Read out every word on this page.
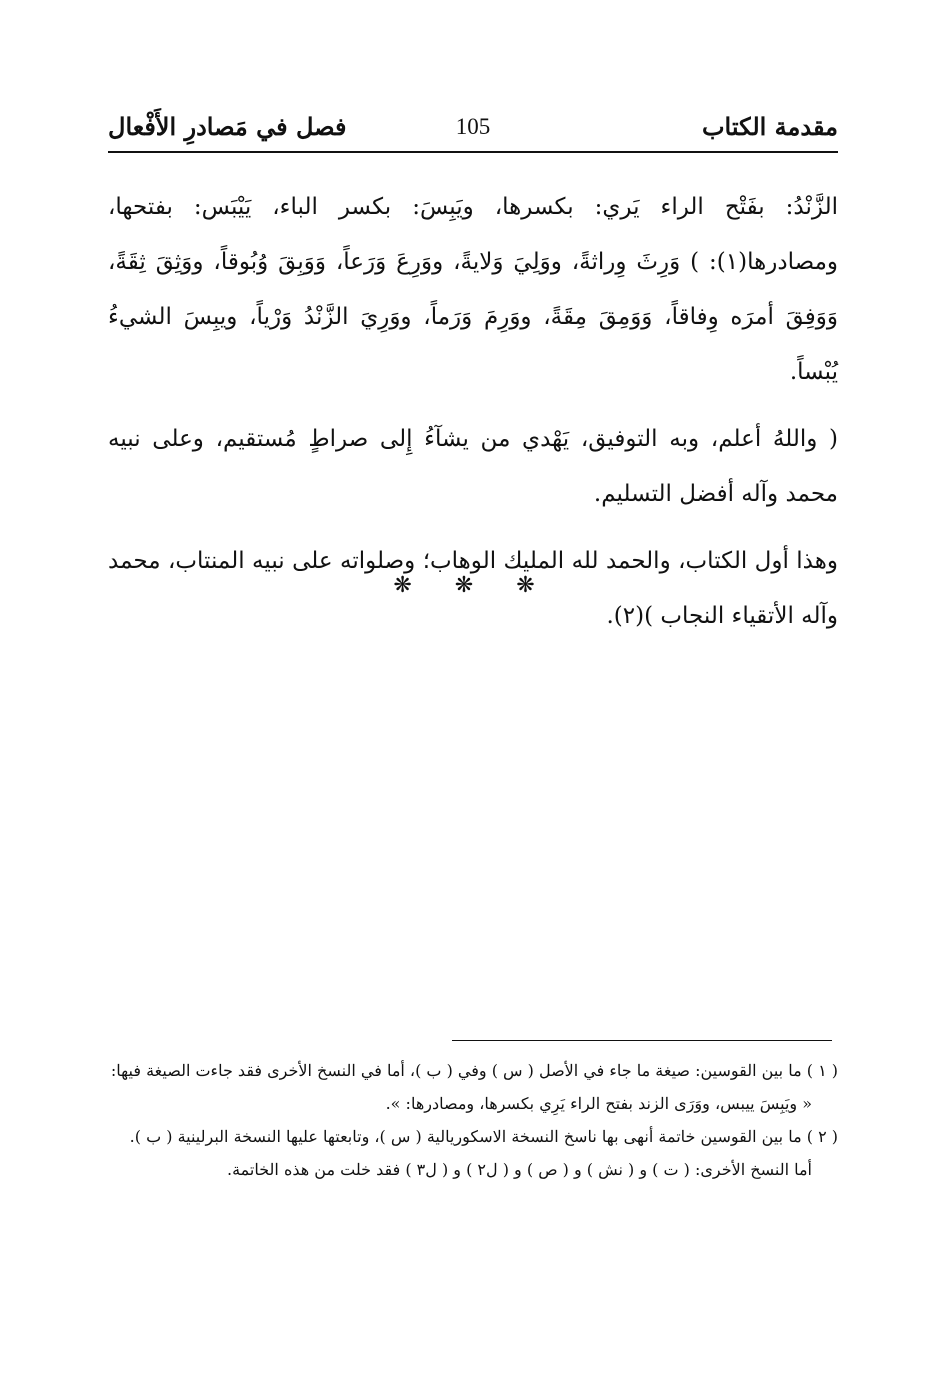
مقدمة الكتاب
105
فصل في مَصادرِ الأَفْعال

الزَّنْدُ: بفَتْح الراء يَري: بكسرها، ويَبِسَ: بكسر الباء، يَيْبَس: بفتحها، ومصادرها(١): ) وَرِثَ وِراثةً، ووَلِيَ وَلايةً، ووَرِعَ وَرَعاً، وَوَبِقَ وُبُوقاً، ووَثِقَ ثِقَةً، وَوَفِقَ أمرَه وِفاقاً، وَوَمِقَ مِقَةً، ووَرِمَ وَرَماً، ووَرِيَ الزَّنْدُ وَرْياً، ويبِسَ الشيءُ يُبْساً.

( واللهُ أعلم، وبه التوفيق، يَهْدي من يشآءُ إِلى صراطٍ مُستقيم، وعلى نبيه محمد وآله أفضل التسليم.

وهذا أول الكتاب، والحمد لله المليك الوهاب؛ وصلواته على نبيه المنتاب، محمد وآله الأتقياء النجاب )(٢).

❋ ❋ ❋
( ١ ) ما بين القوسين: صيغة ما جاء في الأصل ( س ) وفي ( ب )، أما في النسخ الأخرى فقد جاءت الصيغة فيها:
« ويَبِسَ ييبس، ووَرَى الزند بفتح الراء يَرِي بكسرها، ومصادرها: ».
( ٢ ) ما بين القوسين خاتمة أنهى بها ناسخ النسخة الاسكوريالية ( س )، وتابعتها عليها النسخة البرلينية ( ب ).
أما النسخ الأخرى: ( ت ) و ( نش ) و ( ص ) و ( ل٢ ) و ( ل٣ ) فقد خلت من هذه الخاتمة.
